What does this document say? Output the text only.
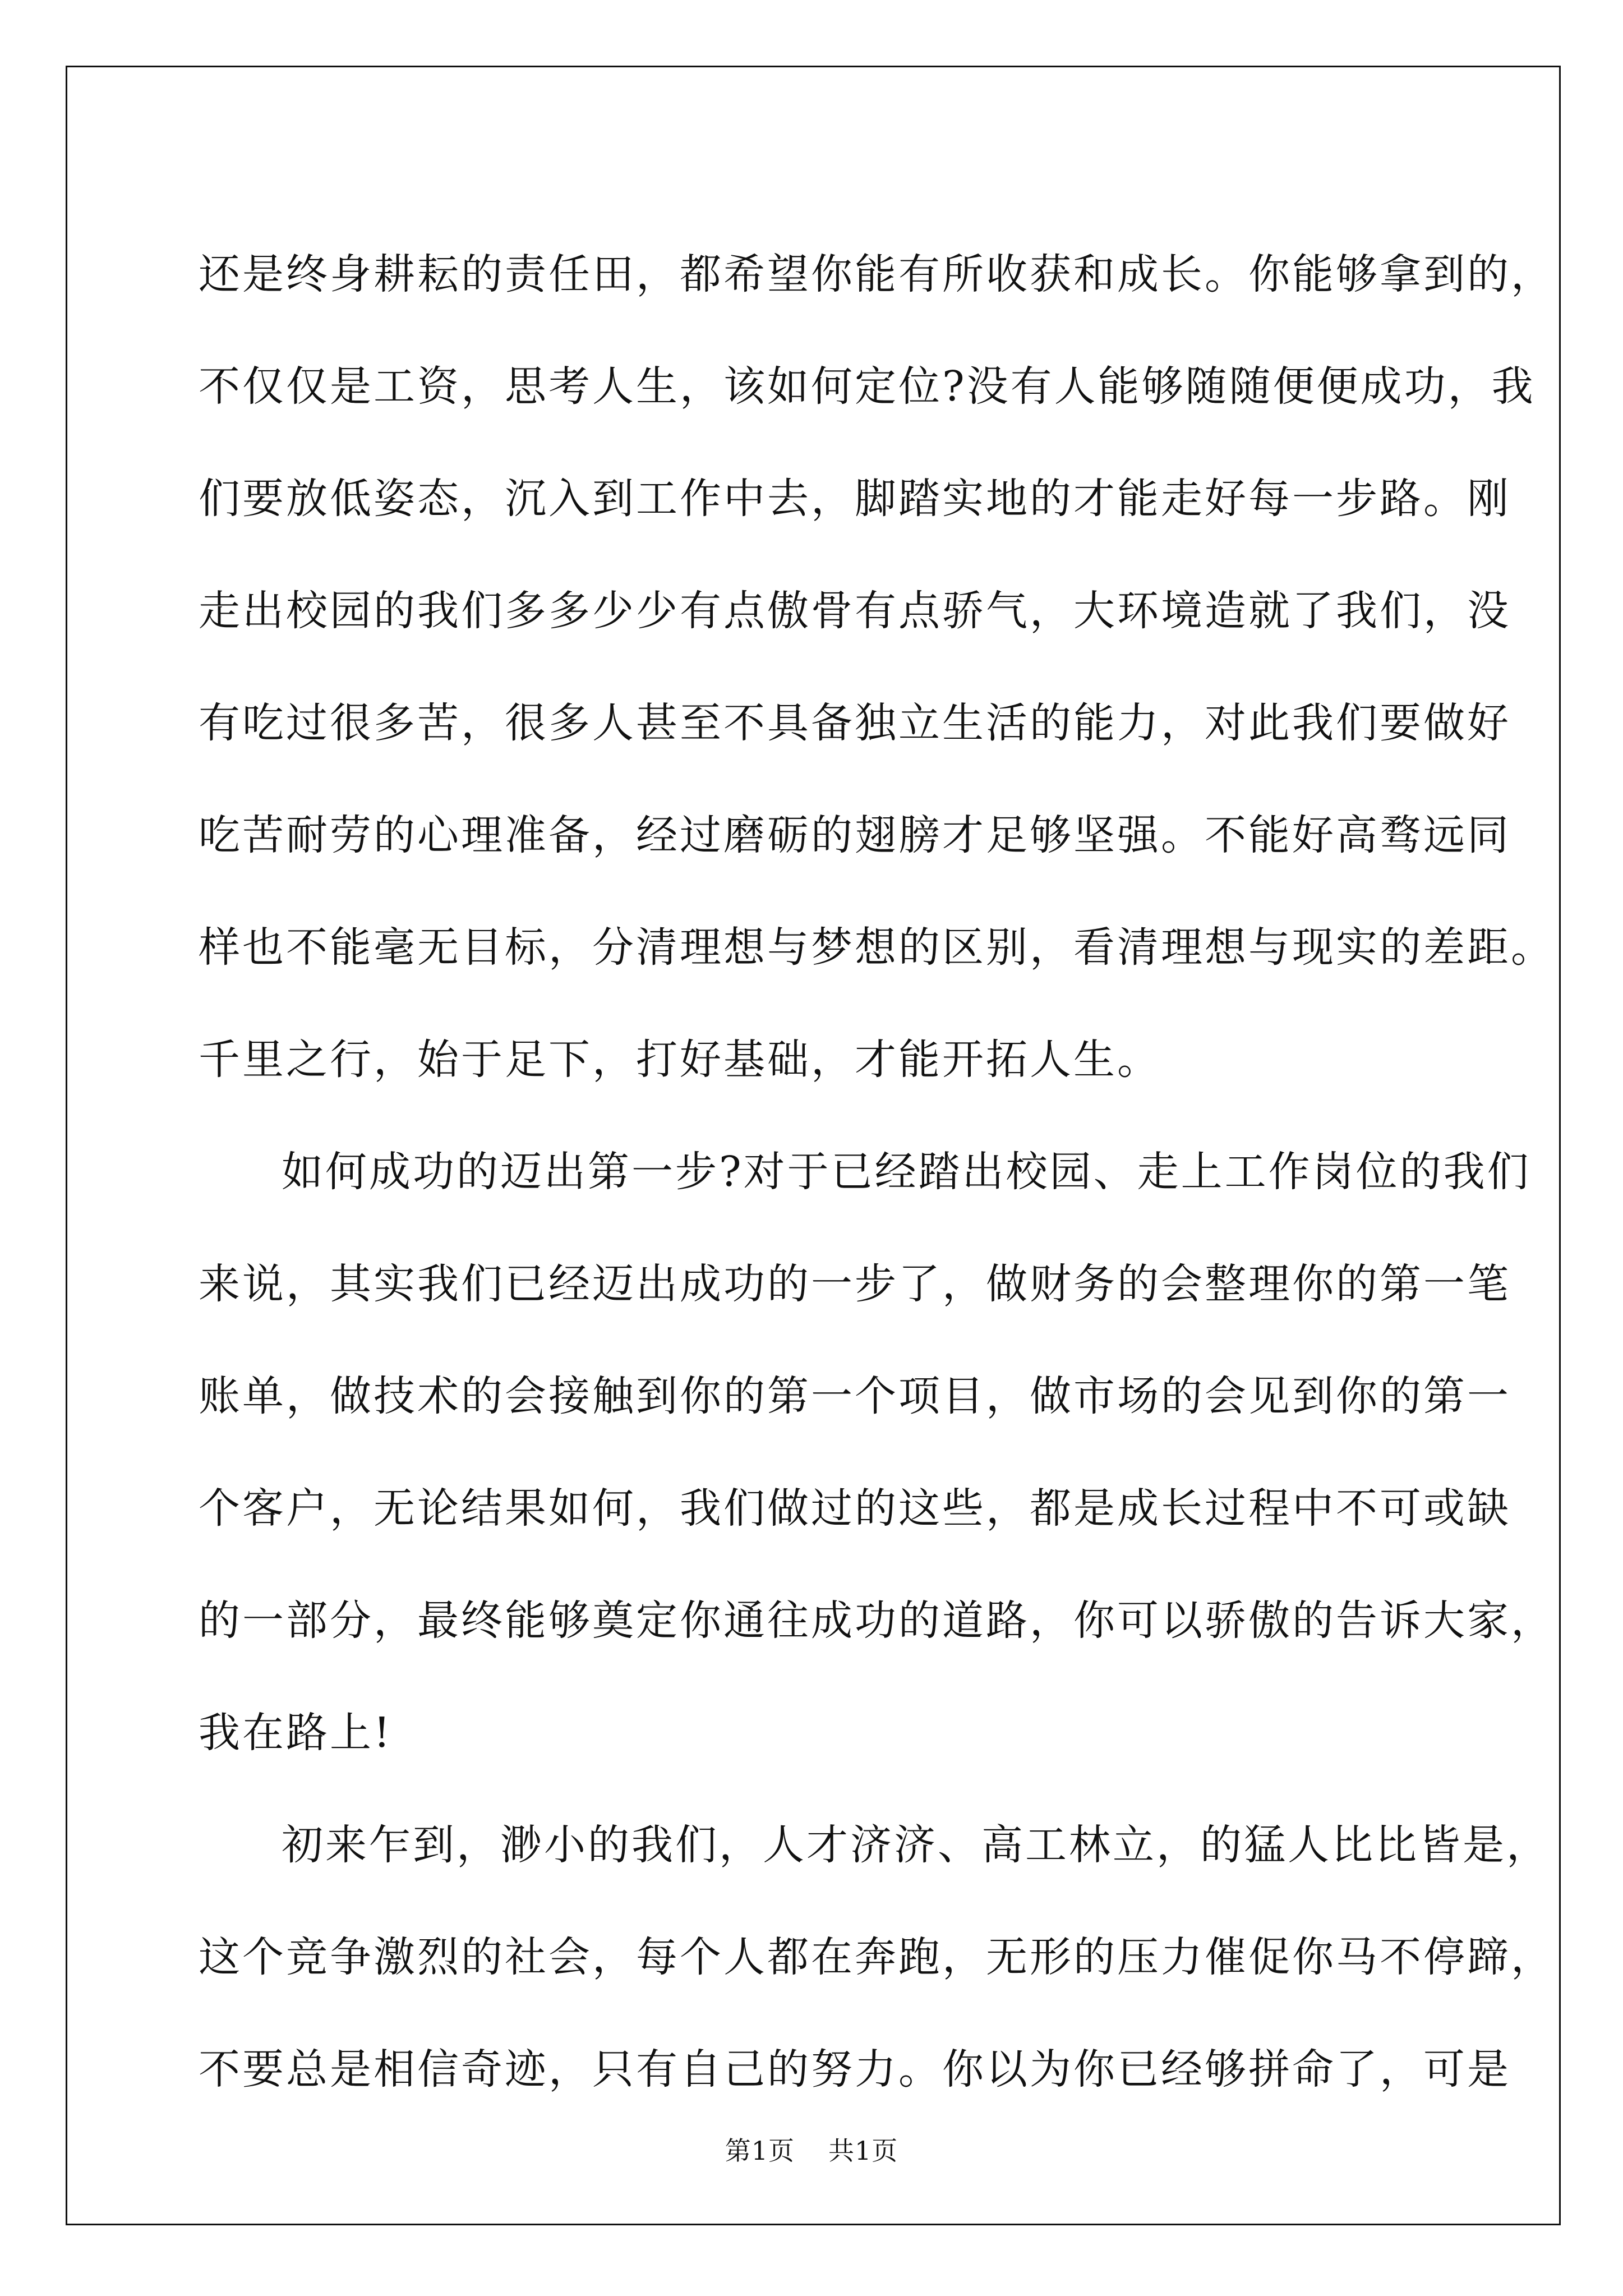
还是终身耕耘的责任田，都希望你能有所收获和成长。你能够拿到的，
不仅仅是工资，思考人生，该如何定位?没有人能够随随便便成功，我
们要放低姿态，沉入到工作中去，脚踏实地的才能走好每一步路。刚
走出校园的我们多多少少有点傲骨有点骄气，大环境造就了我们，没
有吃过很多苦，很多人甚至不具备独立生活的能力，对此我们要做好
吃苦耐劳的心理准备，经过磨砺的翅膀才足够坚强。不能好高骛远同
样也不能毫无目标，分清理想与梦想的区别，看清理想与现实的差距。
千里之行，始于足下，打好基础，才能开拓人生。
如何成功的迈出第一步?对于已经踏出校园、走上工作岗位的我们
来说，其实我们已经迈出成功的一步了，做财务的会整理你的第一笔
账单，做技术的会接触到你的第一个项目，做市场的会见到你的第一
个客户，无论结果如何，我们做过的这些，都是成长过程中不可或缺
的一部分，最终能够奠定你通往成功的道路，你可以骄傲的告诉大家，
我在路上!
初来乍到，渺小的我们，人才济济、高工林立，的猛人比比皆是，
这个竞争激烈的社会，每个人都在奔跑，无形的压力催促你马不停蹄，
不要总是相信奇迹，只有自己的努力。你以为你已经够拼命了，可是
第1页 共1页
